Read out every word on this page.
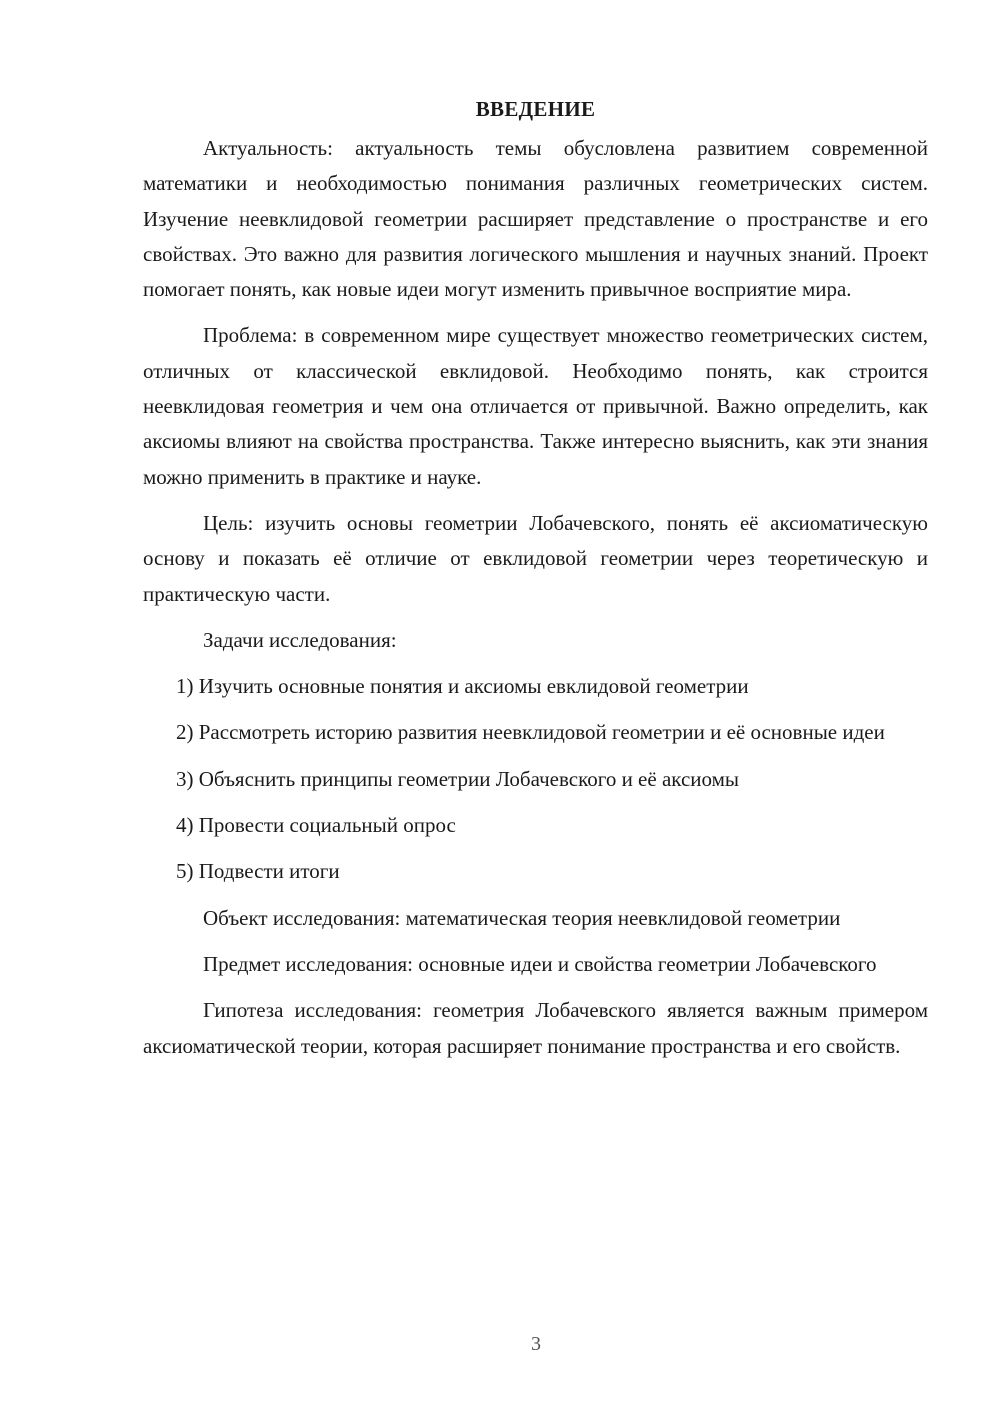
ВВЕДЕНИЕ

Актуальность: актуальность темы обусловлена развитием современной математики и необходимостью понимания различных геометрических систем. Изучение неевклидовой геометрии расширяет представление о пространстве и его свойствах. Это важно для развития логического мышления и научных знаний. Проект помогает понять, как новые идеи могут изменить привычное восприятие мира.

Проблема: в современном мире существует множество геометрических систем, отличных от классической евклидовой. Необходимо понять, как строится неевклидовая геометрия и чем она отличается от привычной. Важно определить, как аксиомы влияют на свойства пространства. Также интересно выяснить, как эти знания можно применить в практике и науке.

Цель: изучить основы геометрии Лобачевского, понять её аксиоматическую основу и показать её отличие от евклидовой геометрии через теоретическую и практическую части.

Задачи исследования:

1) Изучить основные понятия и аксиомы евклидовой геометрии

2) Рассмотреть историю развития неевклидовой геометрии и её основные идеи

3) Объяснить принципы геометрии Лобачевского и её аксиомы

4) Провести социальный опрос

5) Подвести итоги

Объект исследования: математическая теория неевклидовой геометрии

Предмет исследования: основные идеи и свойства геометрии Лобачевского

Гипотеза исследования: геометрия Лобачевского является важным примером аксиоматической теории, которая расширяет понимание пространства и его свойств.

3
